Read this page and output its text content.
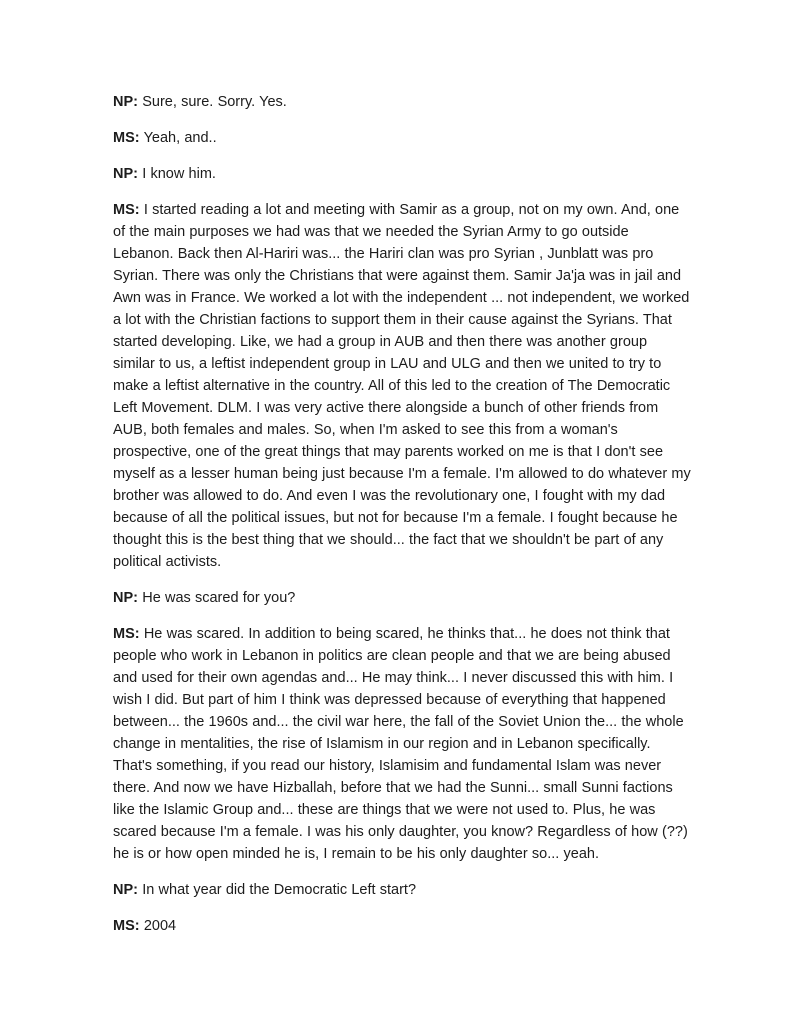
NP: Sure, sure. Sorry. Yes.

MS: Yeah, and..

NP: I know him.

MS: I started reading a lot and meeting with Samir as a group, not on my own. And, one of the main purposes we had was that we needed the Syrian Army to go outside Lebanon. Back then Al-Hariri was... the Hariri clan was pro Syrian , Junblatt was pro Syrian. There was only the Christians that were against them. Samir Ja'ja was in jail and Awn was in France. We worked a lot with the independent ... not independent, we worked a lot with the Christian factions to support them in their cause against the Syrians. That started developing. Like, we had a group in AUB and then there was another group similar to us, a leftist independent group in LAU and ULG and then we united to try to make a leftist alternative in the country. All of this led to the creation of The Democratic Left Movement. DLM. I was very active there alongside a bunch of other friends from AUB, both females and males. So, when I'm asked to see this from a woman's prospective, one of the great things that may parents worked on me is that I don't see myself as a lesser human being just because I'm a female. I'm allowed to do whatever my brother was allowed to do. And even I was the revolutionary one, I fought with my dad because of all the political issues, but not for because I'm a female. I fought because he thought this is the best thing that we should... the fact that we shouldn't be part of any political activists.

NP: He was scared for you?

MS: He was scared. In addition to being scared, he thinks that... he does not think that people who work in Lebanon in politics are clean people and that we are being abused and used for their own agendas and... He may think... I never discussed this with him. I wish I did. But part of him I think was depressed because of everything that happened between... the 1960s and... the civil war here, the fall of the Soviet Union the... the whole change in mentalities, the rise of Islamism in our region and in Lebanon specifically. That's something, if you read our history, Islamisim and fundamental Islam was never there. And now we have Hizballah, before that we had the Sunni... small Sunni factions like the Islamic Group and... these are things that we were not used to. Plus, he was scared because I'm a female. I was his only daughter, you know? Regardless of how (??) he is or how open minded he is, I remain to be his only daughter so... yeah.

NP: In what year did the Democratic Left start?

MS: 2004
